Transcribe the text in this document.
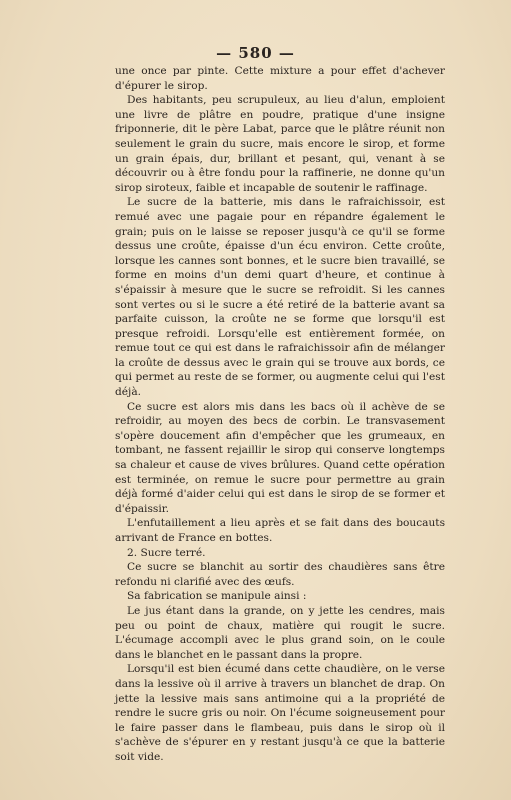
— 580 —

une once par pinte. Cette mixture a pour effet d'achever d'épurer le sirop.

Des habitants, peu scrupuleux, au lieu d'alun, emploient une livre de plâtre en poudre, pratique d'une insigne friponnerie, dit le père Labat, parce que le plâtre réunit non seulement le grain du sucre, mais encore le sirop, et forme un grain épais, dur, brillant et pesant, qui, venant à se découvrir ou à être fondu pour la raffinerie, ne donne qu'un sirop siroteux, faible et incapable de soutenir le raffinage.

Le sucre de la batterie, mis dans le rafraichissoir, est remué avec une pagaie pour en répandre également le grain; puis on le laisse se reposer jusqu'à ce qu'il se forme dessus une croûte, épaisse d'un écu environ. Cette croûte, lorsque les cannes sont bonnes, et le sucre bien travaillé, se forme en moins d'un demi quart d'heure, et continue à s'épaissir à mesure que le sucre se refroidit. Si les cannes sont vertes ou si le sucre a été retiré de la batterie avant sa parfaite cuisson, la croûte ne se forme que lorsqu'il est presque refroidi. Lorsqu'elle est entièrement formée, on remue tout ce qui est dans le rafraichissoir afin de mélanger la croûte de dessus avec le grain qui se trouve aux bords, ce qui permet au reste de se former, ou augmente celui qui l'est déjà.

Ce sucre est alors mis dans les bacs où il achève de se refroidir, au moyen des becs de corbin. Le transvasement s'opère doucement afin d'empêcher que les grumeaux, en tombant, ne fassent rejaillir le sirop qui conserve longtemps sa chaleur et cause de vives brûlures. Quand cette opération est terminée, on remue le sucre pour permettre au grain déjà formé d'aider celui qui est dans le sirop de se former et d'épaissir.

L'enfutaillement a lieu après et se fait dans des boucauts arrivant de France en bottes.

2. Sucre terré.

Ce sucre se blanchit au sortir des chaudières sans être refondu ni clarifié avec des œufs.

Sa fabrication se manipule ainsi :

Le jus étant dans la grande, on y jette les cendres, mais peu ou point de chaux, matière qui rougit le sucre. L'écumage accompli avec le plus grand soin, on le coule dans le blanchet en le passant dans la propre.

Lorsqu'il est bien écumé dans cette chaudière, on le verse dans la lessive où il arrive à travers un blanchet de drap. On jette la lessive mais sans antimoine qui a la propriété de rendre le sucre gris ou noir. On l'écume soigneusement pour le faire passer dans le flambeau, puis dans le sirop où il s'achève de s'épurer en y restant jusqu'à ce que la batterie soit vide.
